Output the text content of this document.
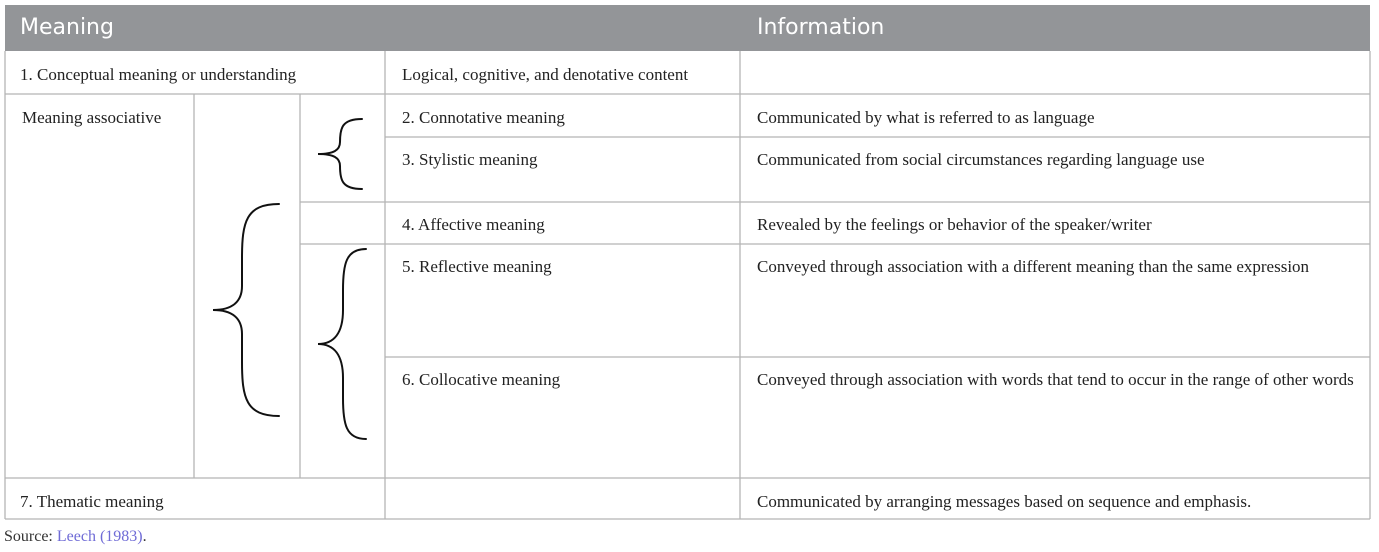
Meaning	Information
1. Conceptual meaning or understanding	Logical, cognitive, and denotative content
Meaning associative	2. Connotative meaning	Communicated by what is referred to as language
3. Stylistic meaning	Communicated from social circumstances regarding language use
4. Affective meaning	Revealed by the feelings or behavior of the speaker/writer
5. Reflective meaning	Conveyed through association with a different meaning than the same expression
6. Collocative meaning	Conveyed through association with words that tend to occur in the range of other words
7. Thematic meaning	Communicated by arranging messages based on sequence and emphasis.
Source: Leech (1983).
